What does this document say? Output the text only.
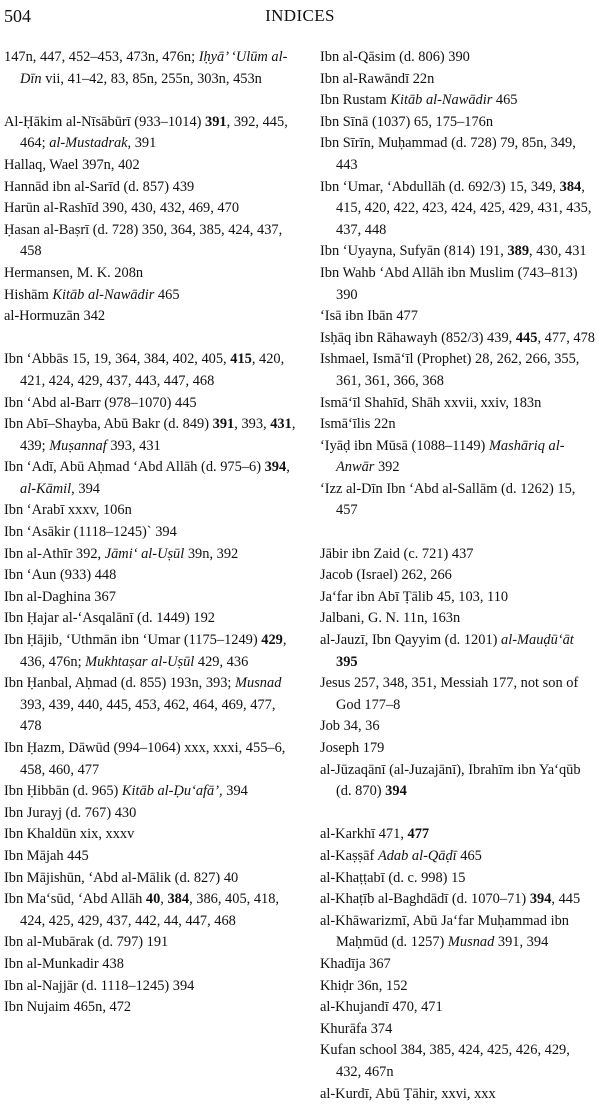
504	INDICES
147n, 447, 452–453, 473n, 476n; Iḥyā’ ‘Ulūm al-Dīn vii, 41–42, 83, 85n, 255n, 303n, 453n
Al-Ḥākim al-Nīsābūrī (933–1014) 391, 392, 445, 464; al-Mustadrak, 391
Hallaq, Wael 397n, 402
Hannād ibn al-Sarīd (d. 857) 439
Harūn al-Rashīd 390, 430, 432, 469, 470
Ḥasan al-Baṣrī (d. 728) 350, 364, 385, 424, 437, 458
Hermansen, M. K. 208n
Hishām Kitāb al-Nawādir 465
al-Hormuzān 342
Ibn ‘Abbās 15, 19, 364, 384, 402, 405, 415, 420, 421, 424, 429, 437, 443, 447, 468
Ibn ‘Abd al-Barr (978–1070) 445
Ibn Abī–Shayba, Abū Bakr (d. 849) 391, 393, 431, 439; Muṣannaf 393, 431
Ibn ‘Adī, Abū Aḥmad ‘Abd Allāh (d. 975–6) 394, al-Kāmil, 394
Ibn ‘Arabī xxxv, 106n
Ibn ‘Asākir (1118–1245)` 394
Ibn al-Athīr 392, Jāmi‘ al-Uṣūl 39n, 392
Ibn ‘Aun (933) 448
Ibn al-Daghina 367
Ibn Ḥajar al-‘Asqalānī (d. 1449) 192
Ibn Ḥājib, ‘Uthmān ibn ‘Umar (1175–1249) 429, 436, 476n; Mukhtaṣar al-Uṣūl 429, 436
Ibn Ḥanbal, Aḥmad (d. 855) 193n, 393; Musnad 393, 439, 440, 445, 453, 462, 464, 469, 477, 478
Ibn Ḥazm, Dāwūd (994–1064) xxx, xxxi, 455–6, 458, 460, 477
Ibn Ḥibbān (d. 965) Kitāb al-Ḍu‘afā’, 394
Ibn Jurayj (d. 767) 430
Ibn Khaldūn xix, xxxv
Ibn Mājah 445
Ibn Mājishūn, ‘Abd al-Mālik (d. 827) 40
Ibn Ma‘sūd, ‘Abd Allāh 40, 384, 386, 405, 418, 424, 425, 429, 437, 442, 44, 447, 468
Ibn al-Mubārak (d. 797) 191
Ibn al-Munkadir 438
Ibn al-Najjār (d. 1118–1245) 394
Ibn Nujaim 465n, 472
Ibn al-Qāsim (d. 806) 390
Ibn al-Rawāndī 22n
Ibn Rustam Kitāb al-Nawādir 465
Ibn Sīnā (1037) 65, 175–176n
Ibn Sīrīn, Muḥammad (d. 728) 79, 85n, 349, 443
Ibn ‘Umar, ‘Abdullāh (d. 692/3) 15, 349, 384, 415, 420, 422, 423, 424, 425, 429, 431, 435, 437, 448
Ibn ‘Uyayna, Sufyān (814) 191, 389, 430, 431
Ibn Wahb ‘Abd Allāh ibn Muslim (743–813) 390
‘Isā ibn Ibān 477
Isḥāq ibn Rāhawayh (852/3) 439, 445, 477, 478
Ishmael, Ismā‘īl (Prophet) 28, 262, 266, 355, 361, 361, 366, 368
Ismā‘īl Shahīd, Shāh xxvii, xxiv, 183n
Ismā‘īlis 22n
‘Iyāḍ ibn Mūsā (1088–1149) Mashāriq al-Anwār 392
‘Izz al-Dīn Ibn ‘Abd al-Sallām (d. 1262) 15, 457
Jābir ibn Zaid (c. 721) 437
Jacob (Israel) 262, 266
Ja‘far ibn Abī Ṭālib 45, 103, 110
Jalbani, G. N. 11n, 163n
al-Jauzī, Ibn Qayyim (d. 1201) al-Mauḍū‘āt 395
Jesus 257, 348, 351, Messiah 177, not son of God 177–8
Job 34, 36
Joseph 179
al-Jūzaqānī (al-Juzajānī), Ibrahīm ibn Ya‘qūb (d. 870) 394
al-Karkhī 471, 477
al-Kaṣṣāf Adab al-Qāḍī 465
al-Khaṭṭabī (d. c. 998) 15
al-Khaṭīb al-Baghdādī (d. 1070–71) 394, 445
al-Khāwarizmī, Abū Ja‘far Muḥammad ibn Maḥmūd (d. 1257) Musnad 391, 394
Khadīja 367
Khiḍr 36n, 152
al-Khujandī 470, 471
Khurāfa 374
Kufan school 384, 385, 424, 425, 426, 429, 432, 467n
al-Kurdī, Abū Ṭāhir, xxvi, xxx
